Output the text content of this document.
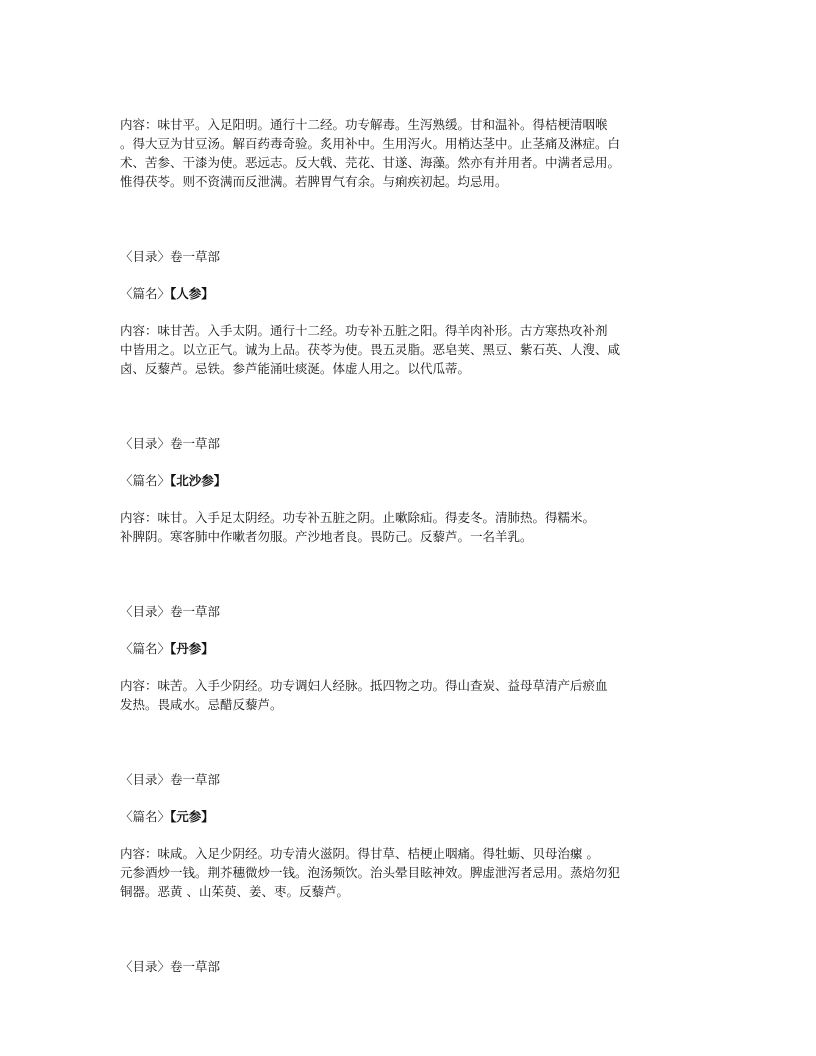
内容：味甘平。入足阳明。通行十二经。功专解毒。生泻熟缓。甘和温补。得桔梗清咽喉
。得大豆为甘豆汤。解百药毒奇验。炙用补中。生用泻火。用梢达茎中。止茎痛及淋症。白
术、苦参、干漆为使。恶远志。反大戟、芫花、甘遂、海藻。然亦有并用者。中满者忌用。
惟得茯苓。则不资满而反泄满。若脾胃气有余。与痢疾初起。均忌用。
〈目录〉卷一草部
〈篇名〉【人参】
内容：味甘苦。入手太阴。通行十二经。功专补五脏之阳。得羊肉补形。古方寒热攻补剂
中皆用之。以立正气。诚为上品。茯苓为使。畏五灵脂。恶皂荚、黑豆、紫石英、人溲、咸
卤、反藜芦。忌铁。参芦能涌吐痰涎。体虚人用之。以代瓜蒂。
〈目录〉卷一草部
〈篇名〉【北沙参】
内容：味甘。入手足太阴经。功专补五脏之阴。止嗽除疝。得麦冬。清肺热。得糯米。
补脾阴。寒客肺中作嗽者勿服。产沙地者良。畏防己。反藜芦。一名羊乳。
〈目录〉卷一草部
〈篇名〉【丹参】
内容：味苦。入手少阴经。功专调妇人经脉。抵四物之功。得山查炭、益母草清产后瘀血
发热。畏咸水。忌醋反藜芦。
〈目录〉卷一草部
〈篇名〉【元参】
内容：味咸。入足少阴经。功专清火滋阴。得甘草、桔梗止咽痛。得牡蛎、贝母治瘰 。
元参酒炒一钱。荆芥穗微炒一钱。泡汤频饮。治头晕目眩神效。脾虚泄泻者忌用。蒸焙勿犯
铜器。恶黄 、山茱萸、姜、枣。反藜芦。
〈目录〉卷一草部
